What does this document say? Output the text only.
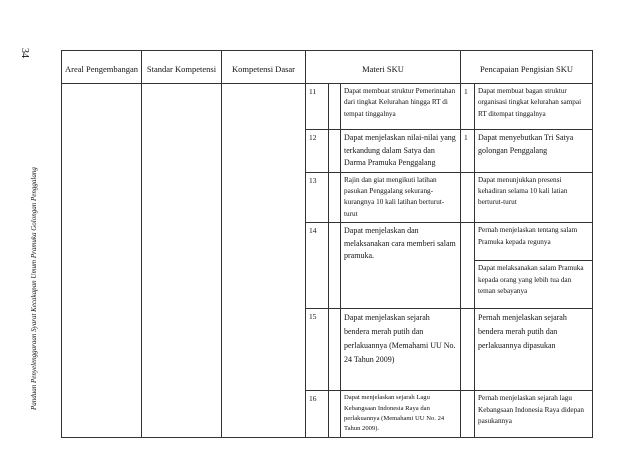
34
Panduan Penyelenggaraan Syarat Kecakapan Umum Pramuka Golongan Penggalang
Areal Pengembangan	Standar Kompetensi	Kompetensi Dasar	Materi SKU			Pencapaian Pengisian SKU	
			11		Dapat membuat struktur Pemerintahan dari tingkat Kelurahan hingga RT di tempat tinggalnya	1	Dapat membuat bagan struktur organisasi tingkat kelurahan sampai RT ditempat tinggalnya
			12		Dapat menjelaskan nilai-nilai yang terkandung dalam Satya dan Darma Pramuka Penggalang	1	Dapat menyebutkan Tri Satya golongan Penggalang
			13		Rajin dan giat mengikuti latihan pasukan Penggalang sekurang-kurangnya 10 kali latihan berturut-turut		Dapat menunjukkan presensi kehadiran selama 10 kali latian berturut-turut
			14		Dapat menjelaskan dan melaksanakan cara memberi salam pramuka.		Pernah menjelaskan tentang salam Pramuka kepada regunya
							Dapat melaksanakan salam Pramuka kepada orang yang lebih tua dan teman sebayanya
			15		Dapat menjelaskan sejarah bendera merah putih dan perlakuannya (Memahami UU No. 24 Tahun 2009)		Pernah menjelaskan sejarah bendera merah putih dan perlakuannya dipasukan
			16		Dapat menjelaskan sejarah Lagu Kebangsaan Indonesia Raya dan perlakuannya (Memahami UU No. 24 Tahun 2009).		Pernah menjelaskan sejarah lagu Kebangsaan Indonesia Raya didepan pasukannya
